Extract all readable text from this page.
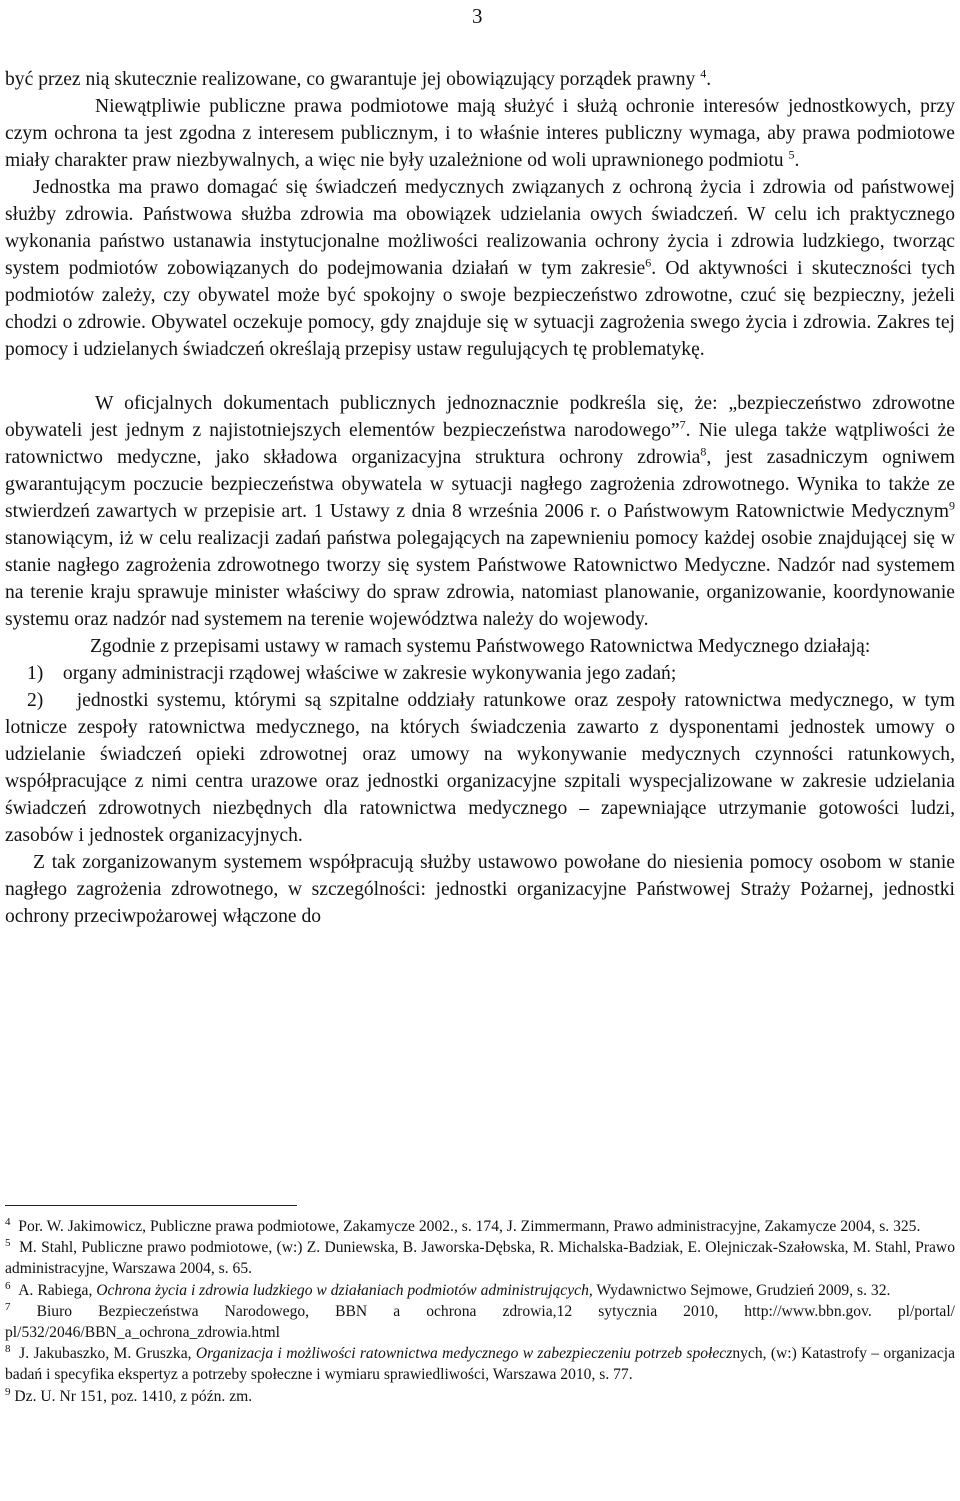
3

być przez nią skutecznie realizowane, co gwarantuje jej obowiązujący porządek prawny $^4$.

Niewątpliwie publiczne prawa podmiotowe mają służyć i służą ochronie interesów jednostkowych, przy czym ochrona ta jest zgodna z interesem publicznym, i to właśnie interes publiczny wymaga, aby prawa podmiotowe miały charakter praw niezbywalnych, a więc nie były uzależnione od woli uprawnionego podmiotu $^5$.

Jednostka ma prawo domagać się świadczeń medycznych związanych z ochroną życia i zdrowia od państwowej służby zdrowia. Państwowa służba zdrowia ma obowiązek udzielania owych świadczeń. W celu ich praktycznego wykonania państwo ustanawia instytucjonalne możliwości realizowania ochrony życia i zdrowia ludzkiego, tworząc system podmiotów zobowiązanych do podejmowania działań w tym zakresie$^6$. Od aktywności i skuteczności tych podmiotów zależy, czy obywatel może być spokojny o swoje bezpieczeństwo zdrowotne, czuć się bezpieczny, jeżeli chodzi o zdrowie. Obywatel oczekuje pomocy, gdy znajduje się w sytuacji zagrożenia swego życia i zdrowia. Zakres tej pomocy i udzielanych świadczeń określają przepisy ustaw regulujących tę problematykę.

W oficjalnych dokumentach publicznych jednoznacznie podkreśla się, że: „bezpieczeństwo zdrowotne obywateli jest jednym z najistotniejszych elementów bezpieczeństwa narodowego”$^7$. Nie ulega także wątpliwości że ratownictwo medyczne, jako składowa organizacyjna struktura ochrony zdrowia$^8$, jest zasadniczym ogniwem gwarantującym poczucie bezpieczeństwa obywatela w sytuacji nagłego zagrożenia zdrowotnego. Wynika to także ze stwierdzeń zawartych w przepisie art. 1 Ustawy z dnia 8 września 2006 r. o Państwowym Ratownictwie Medycznym$^9$ stanowiącym, iż w celu realizacji zadań państwa polegających na zapewnieniu pomocy każdej osobie znajdującej się w stanie nagłego zagrożenia zdrowotnego tworzy się system Państwowe Ratownictwo Medyczne. Nadzór nad systemem na terenie kraju sprawuje minister właściwy do spraw zdrowia, natomiast planowanie, organizowanie, koordynowanie systemu oraz nadzór nad systemem na terenie województwa należy do wojewody.

Zgodnie z przepisami ustawy w ramach systemu Państwowego Ratownictwa Medycznego działają:

1)    organy administracji rządowej właściwe w zakresie wykonywania jego zadań;

2)    jednostki systemu, którymi są szpitalne oddziały ratunkowe oraz zespoły ratownictwa medycznego, w tym lotnicze zespoły ratownictwa medycznego, na których świadczenia zawarto z dysponentami jednostek umowy o udzielanie świadczeń opieki zdrowotnej oraz umowy na wykonywanie medycznych czynności ratunkowych, współpracujące z nimi centra urazowe oraz jednostki organizacyjne szpitali wyspecjalizowane w zakresie udzielania świadczeń zdrowotnych niezbędnych dla ratownictwa medycznego – zapewniające utrzymanie gotowości ludzi, zasobów i jednostek organizacyjnych.

Z tak zorganizowanym systemem współpracują służby ustawowo powołane do niesienia pomocy osobom w stanie nagłego zagrożenia zdrowotnego, w szczególności: jednostki organizacyjne Państwowej Straży Pożarnej, jednostki ochrony przeciwpożarowej włączone do

$^4$ Por. W. Jakimowicz, Publiczne prawa podmiotowe, Zakamycze 2002., s. 174, J. Zimmermann, Prawo administracyjne, Zakamycze 2004, s. 325.

$^5$ M. Stahl, Publiczne prawo podmiotowe, (w:) Z. Duniewska, B. Jaworska-Dębska, R. Michalska-Badziak, E. Olejniczak-Szałowska, M. Stahl, Prawo administracyjne, Warszawa 2004, s. 65.

$^6$ A. Rabiega, Ochrona życia i zdrowia ludzkiego w działaniach podmiotów administrujących, Wydawnictwo Sejmowe, Grudzień 2009, s. 32.

$^7$ Biuro Bezpieczeństwa Narodowego, BBN a ochrona zdrowia,12 sytycznia 2010, http://www.bbn.gov. pl/portal/ pl/532/2046/BBN_a_ochrona_zdrowia.html

$^8$ J. Jakubaszko, M. Gruszka, Organizacja i możliwości ratownictwa medycznego w zabezpieczeniu potrzeb społecznych, (w:) Katastrofy – organizacja badań i specyfika ekspertyz a potrzeby społeczne i wymiaru sprawiedliwości, Warszawa 2010, s. 77.

$^9$ Dz. U. Nr 151, poz. 1410, z późn. zm.
